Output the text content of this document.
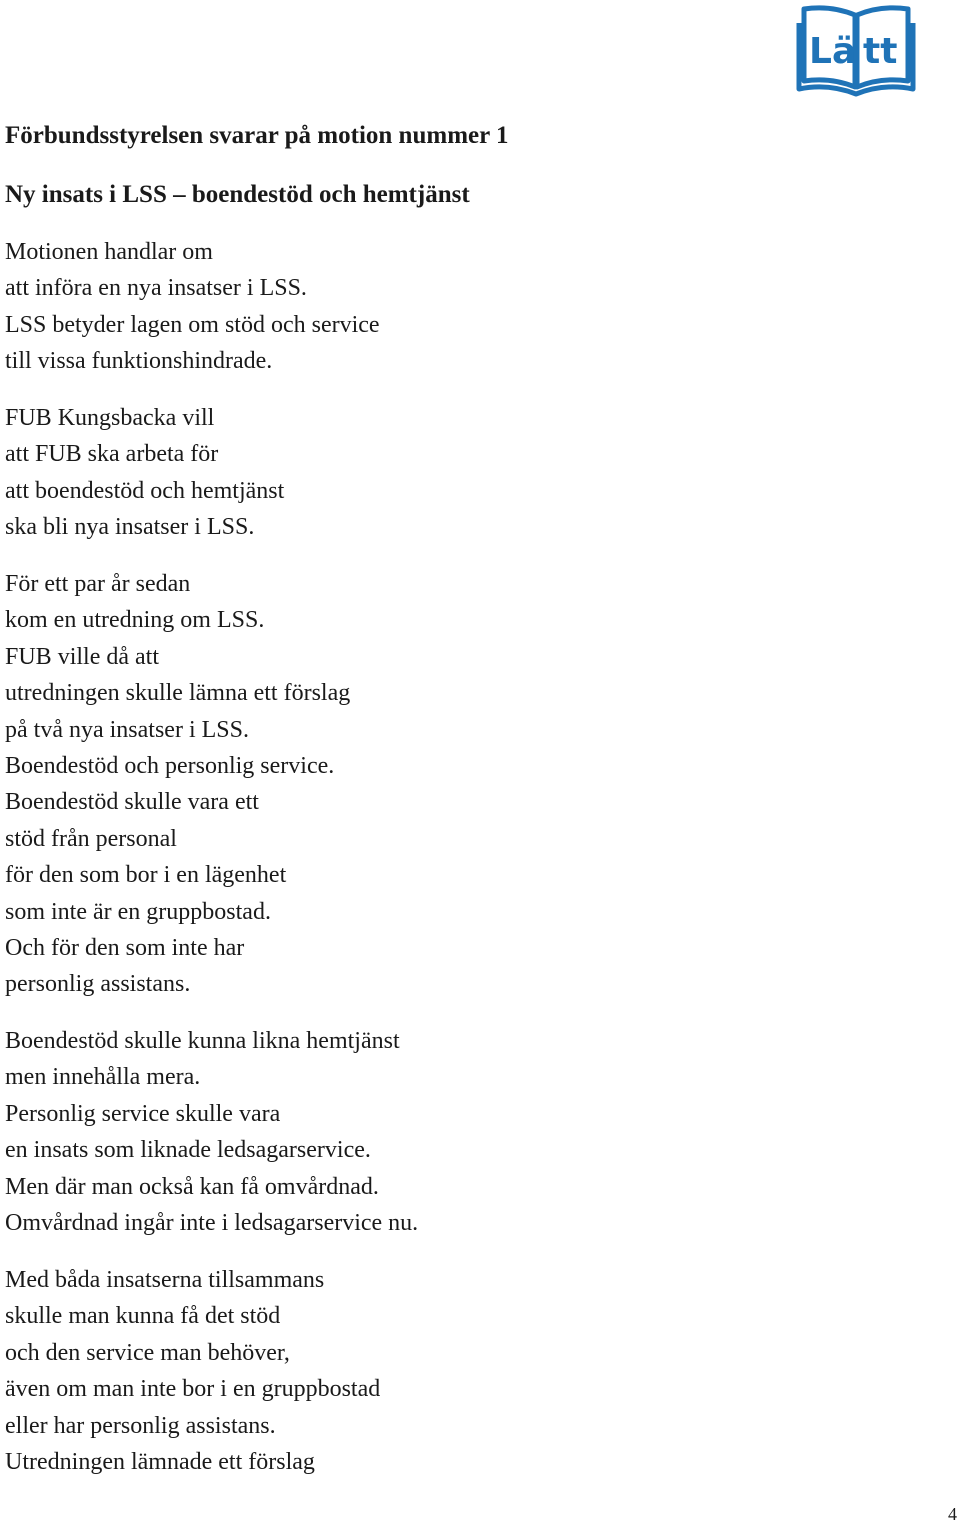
Lä tt
Förbundsstyrelsen svarar på motion nummer 1
Ny insats i LSS – boendestöd och hemtjänst
Motionen handlar om
att införa en nya insatser i LSS.
LSS betyder lagen om stöd och service
till vissa funktionshindrade.
FUB Kungsbacka vill
att FUB ska arbeta för
att boendestöd och hemtjänst
ska bli nya insatser i LSS.
För ett par år sedan
kom en utredning om LSS.
FUB ville då att
utredningen skulle lämna ett förslag
på två nya insatser i LSS.
Boendestöd och personlig service.
Boendestöd skulle vara ett
stöd från personal
för den som bor i en lägenhet
som inte är en gruppbostad.
Och för den som inte har
personlig assistans.
Boendestöd skulle kunna likna hemtjänst
men innehålla mera.
Personlig service skulle vara
en insats som liknade ledsagarservice.
Men där man också kan få omvårdnad.
Omvårdnad ingår inte i ledsagarservice nu.
Med båda insatserna tillsammans
skulle man kunna få det stöd
och den service man behöver,
även om man inte bor i en gruppbostad
eller har personlig assistans.
Utredningen lämnade ett förslag
4
